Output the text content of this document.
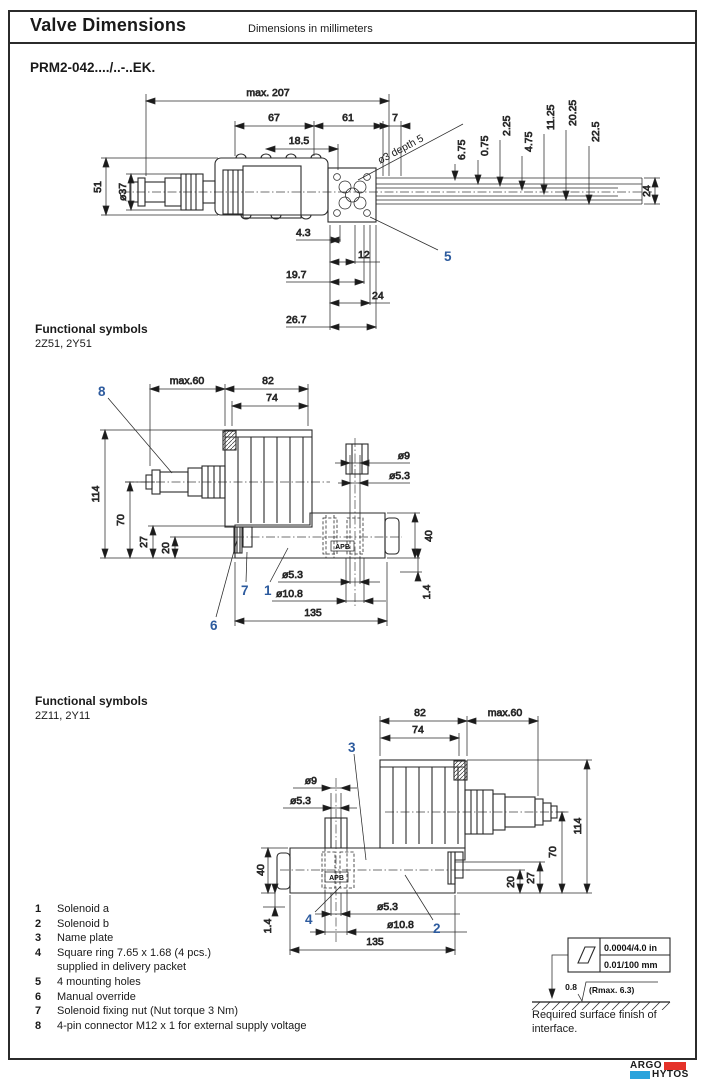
Valve Dimensions	Dimensions in millimeters
PRM2-042..../..-..EK.
max. 207
67	61	7
18.5
51 ø37
6.75 0.75
2.25
4.75
11.25 20.25
22.5
24
ø3 depth 5
5
4.3
12
19.7
24
26.7
Functional symbols
2Z51, 2Y51
APB
max.60	82
74
114
70
27
20
ø9
ø5.3
40
1.4
ø5.3
ø10.8
135
8
6
7 1
Functional symbols
2Z11, 2Y11
APB
82
74
max.60
ø9
ø5.3
40
1.4
20 27
70
114
ø5.3
ø10.8
135
3
4
2
1	Solenoid a
2	Solenoid b
3	Name plate
4	Square ring 7.65 x 1.68 (4 pcs.)
supplied in delivery packet
5	4 mounting holes
6	Manual override
7	Solenoid fixing nut (Nut torque 3 Nm)
8	4-pin connector M12 x 1 for external supply voltage
0.0004/4.0 in
0.01/100 mm
0.8 (Rmax. 6.3)
Required surface finish of
interface.
ARGO
HYTOS
